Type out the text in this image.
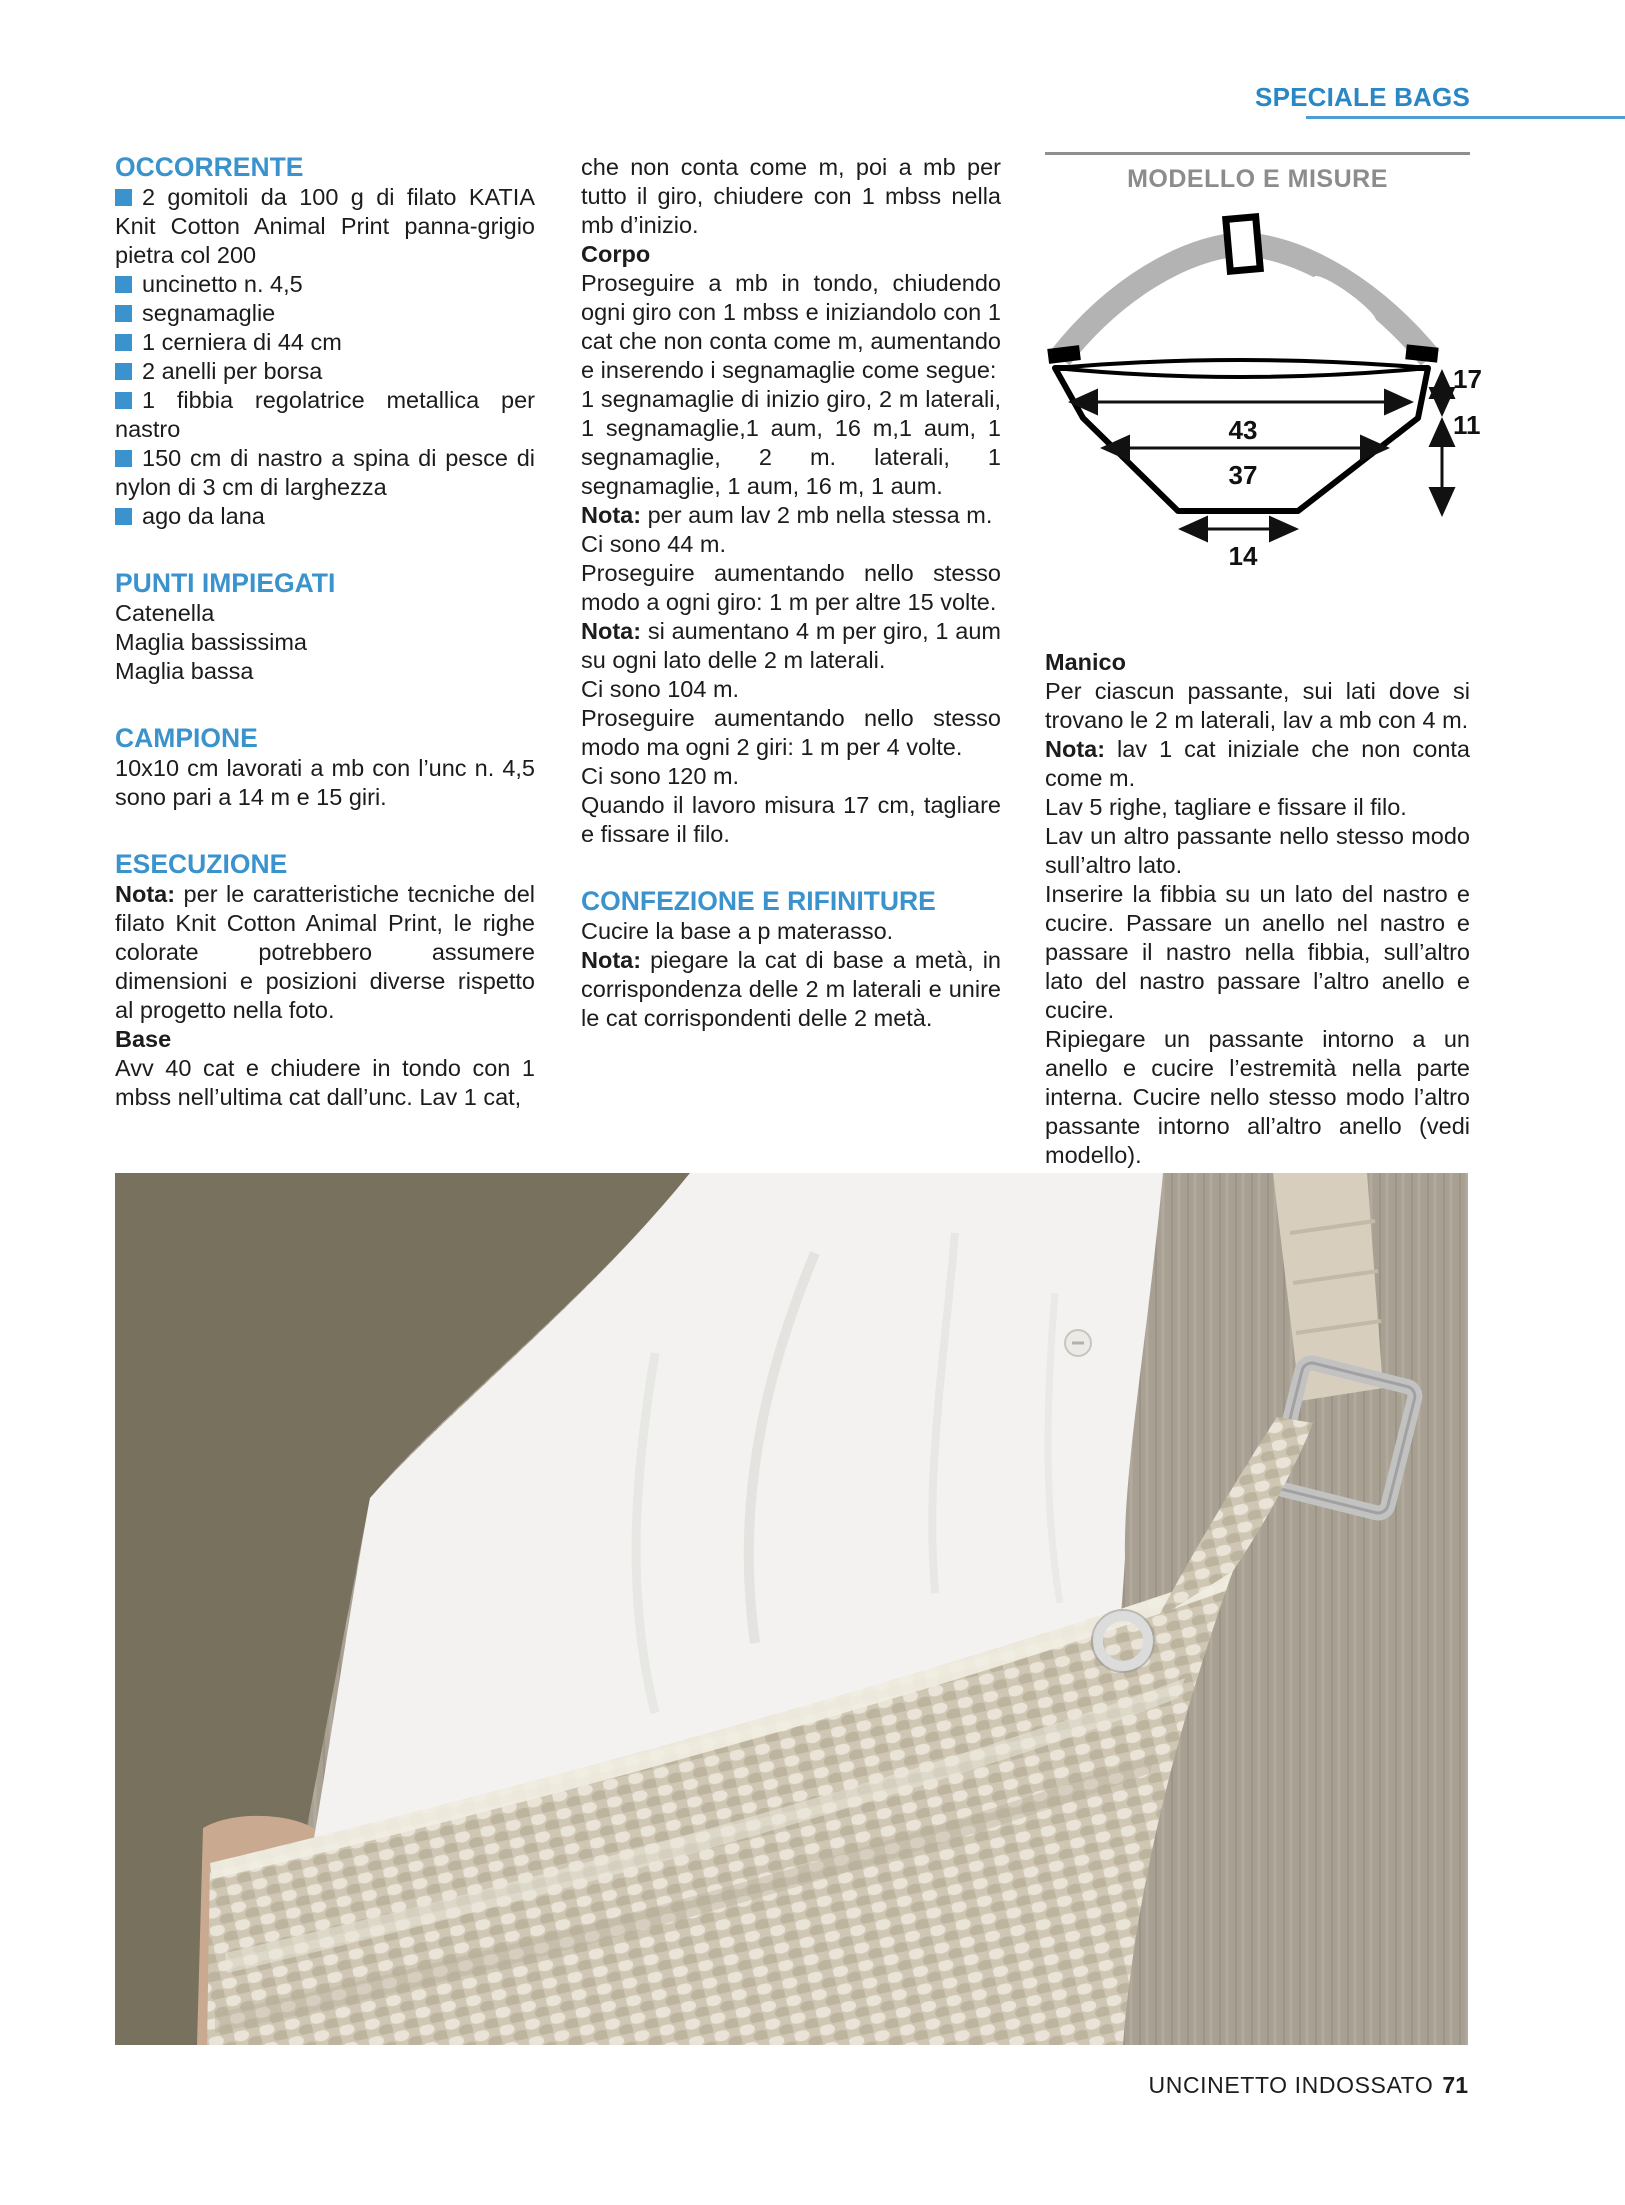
SPECIALE BAGS

OCCORRENTE

2 gomitoli da 100 g di filato KATIA Knit Cotton Animal Print panna-grigio pietra col 200

uncinetto n. 4,5

segnamaglie

1 cerniera di 44 cm

2 anelli per borsa

1 fibbia regolatrice metallica per nastro

150 cm di nastro a spina di pesce di nylon di 3 cm di larghezza

ago da lana

PUNTI IMPIEGATI

Catenella

Maglia bassissima

Maglia bassa

CAMPIONE

10x10 cm lavorati a mb con l’unc n. 4,5 sono pari a 14 m e 15 giri.

ESECUZIONE

Nota: per le caratteristiche tecniche del filato Knit Cotton Animal Print, le righe colorate potrebbero assumere dimensioni e posizioni diverse rispetto al progetto nella foto.

Base

Avv 40 cat e chiudere in tondo con 1 mbss nell’ultima cat dall’unc. Lav 1 cat,

che non conta come m, poi a mb per tutto il giro, chiudere con 1 mbss nella mb d’inizio.

Corpo

Proseguire a mb in tondo, chiudendo ogni giro con 1 mbss e iniziandolo con 1 cat che non conta come m, aumentando e inserendo i segnamaglie come segue:

1 segnamaglie di inizio giro, 2 m laterali, 1 segnamaglie,1 aum, 16 m,1 aum, 1 segnamaglie, 2 m. laterali, 1 segnamaglie, 1 aum, 16 m, 1 aum.

Nota: per aum lav 2 mb nella stessa m.

Ci sono 44 m.

Proseguire aumentando nello stesso modo a ogni giro: 1 m per altre 15 volte.

Nota: si aumentano 4 m per giro, 1 aum su ogni lato delle 2 m laterali.

Ci sono 104 m.

Proseguire aumentando nello stesso modo ma ogni 2 giri: 1 m per 4 volte.

Ci sono 120 m.

Quando il lavoro misura 17 cm, tagliare e fissare il filo.

CONFEZIONE E RIFINITURE

Cucire la base a p materasso.

Nota: piegare la cat di base a metà, in corrispondenza delle 2 m laterali e unire le cat corrispondenti delle 2 metà.

MODELLO E MISURE
43
37
14
17
11

Manico

Per ciascun passante, sui lati dove si trovano le 2 m laterali, lav a mb con 4 m.

Nota: lav 1 cat iniziale che non conta come m.

Lav 5 righe, tagliare e fissare il filo.

Lav un altro passante nello stesso modo sull’altro lato.

Inserire la fibbia su un lato del nastro e cucire. Passare un anello nel nastro e passare il nastro nella fibbia, sull’altro lato del nastro passare l’altro anello e cucire.

Ripiegare un passante intorno a un anello e cucire l’estremità nella parte interna. Cucire nello stesso modo l’altro passante intorno all’altro anello (vedi modello).

UNCINETTO INDOSSATO 71
